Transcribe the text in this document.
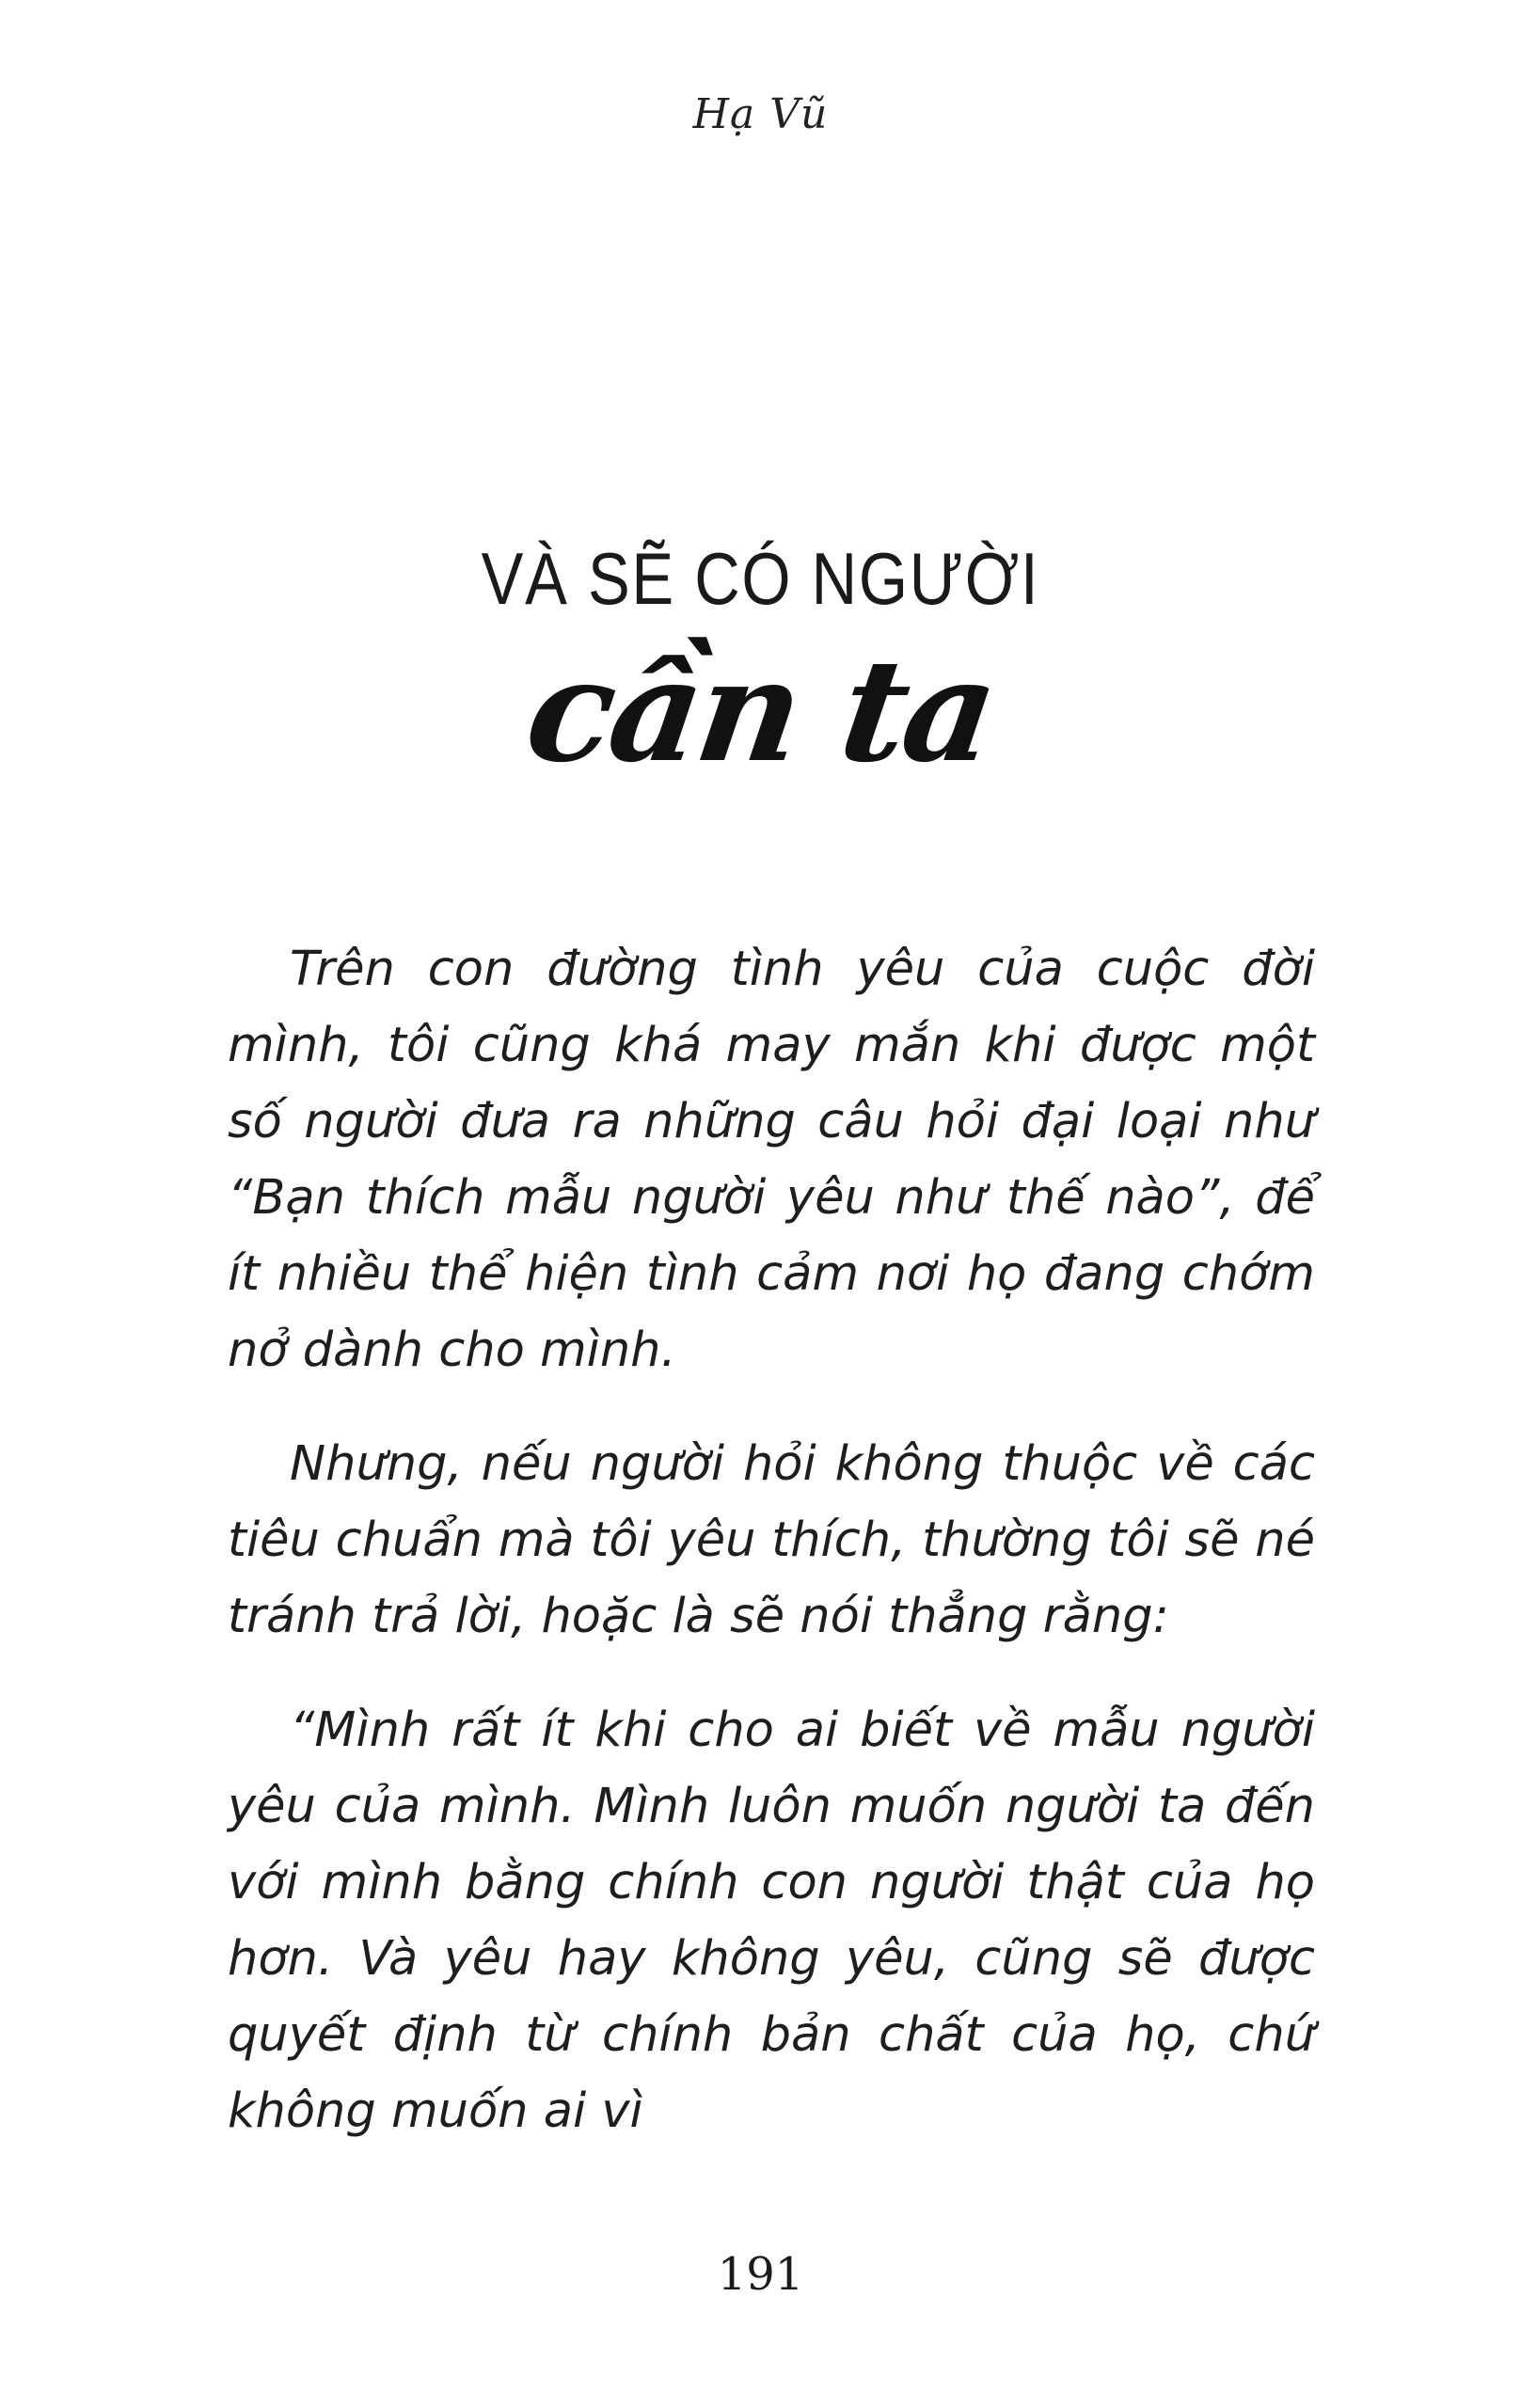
Hạ Vũ
VÀ SẼ CÓ NGƯỜI
cần ta

Trên con đường tình yêu của cuộc đời mình, tôi cũng khá may mắn khi được một số người đưa ra những câu hỏi đại loại như “Bạn thích mẫu người yêu như thế nào”, để ít nhiều thể hiện tình cảm nơi họ đang chớm nở dành cho mình.

Nhưng, nếu người hỏi không thuộc về các tiêu chuẩn mà tôi yêu thích, thường tôi sẽ né tránh trả lời, hoặc là sẽ nói thẳng rằng:

“Mình rất ít khi cho ai biết về mẫu người yêu của mình. Mình luôn muốn người ta đến với mình bằng chính con người thật của họ hơn. Và yêu hay không yêu, cũng sẽ được quyết định từ chính bản chất của họ, chứ không muốn ai vì

191
